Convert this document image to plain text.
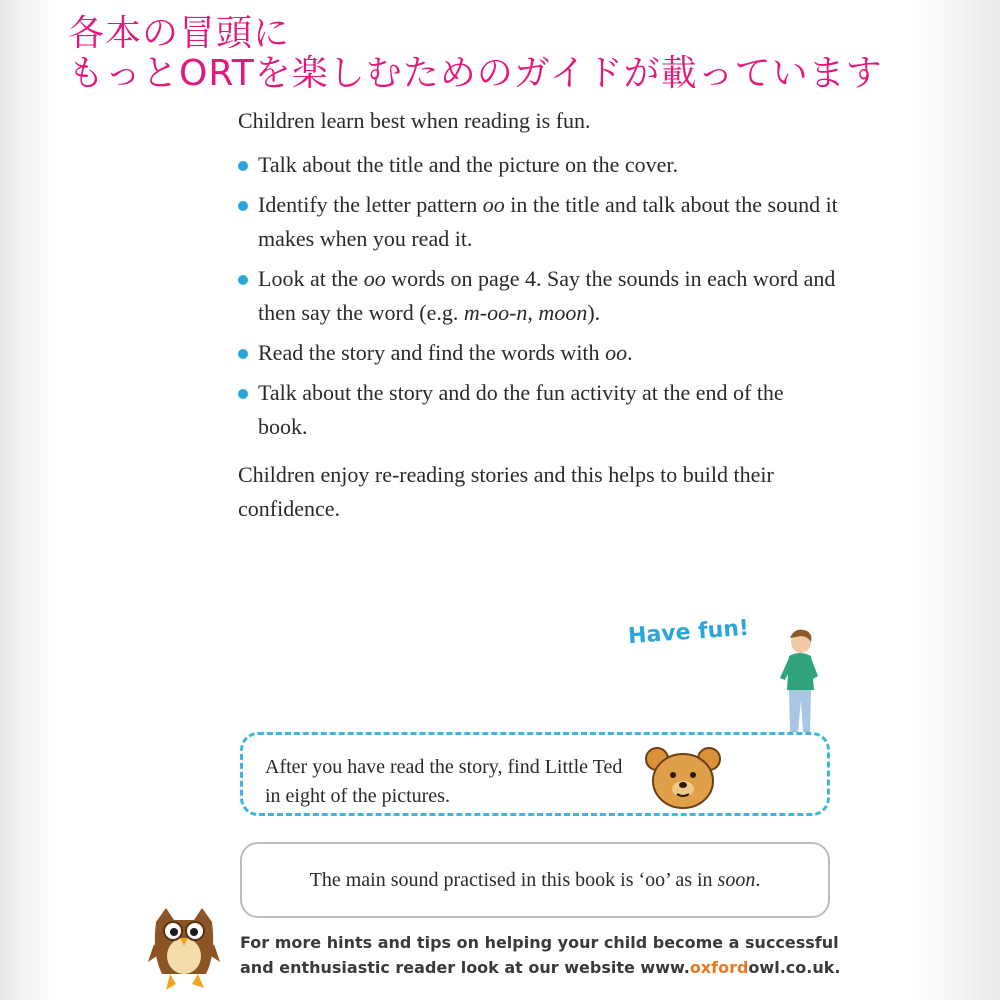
各本の冒頭に
もっとORTを楽しむためのガイドが載っています

Children learn best when reading is fun.

Talk about the title and the picture on the cover.
Identify the letter pattern oo in the title and talk about the sound it makes when you read it.
Look at the oo words on page 4. Say the sounds in each word and then say the word (e.g. m-oo-n, moon).
Read the story and find the words with oo.
Talk about the story and do the fun activity at the end of the book.

Children enjoy re-reading stories and this helps to build their confidence.

Have fun!
After you have read the story, find Little Ted in eight of the pictures.
The main sound practised in this book is ‘oo’ as in soon.
For more hints and tips on helping your child become a successful and enthusiastic reader look at our website www.oxfordowl.co.uk.
